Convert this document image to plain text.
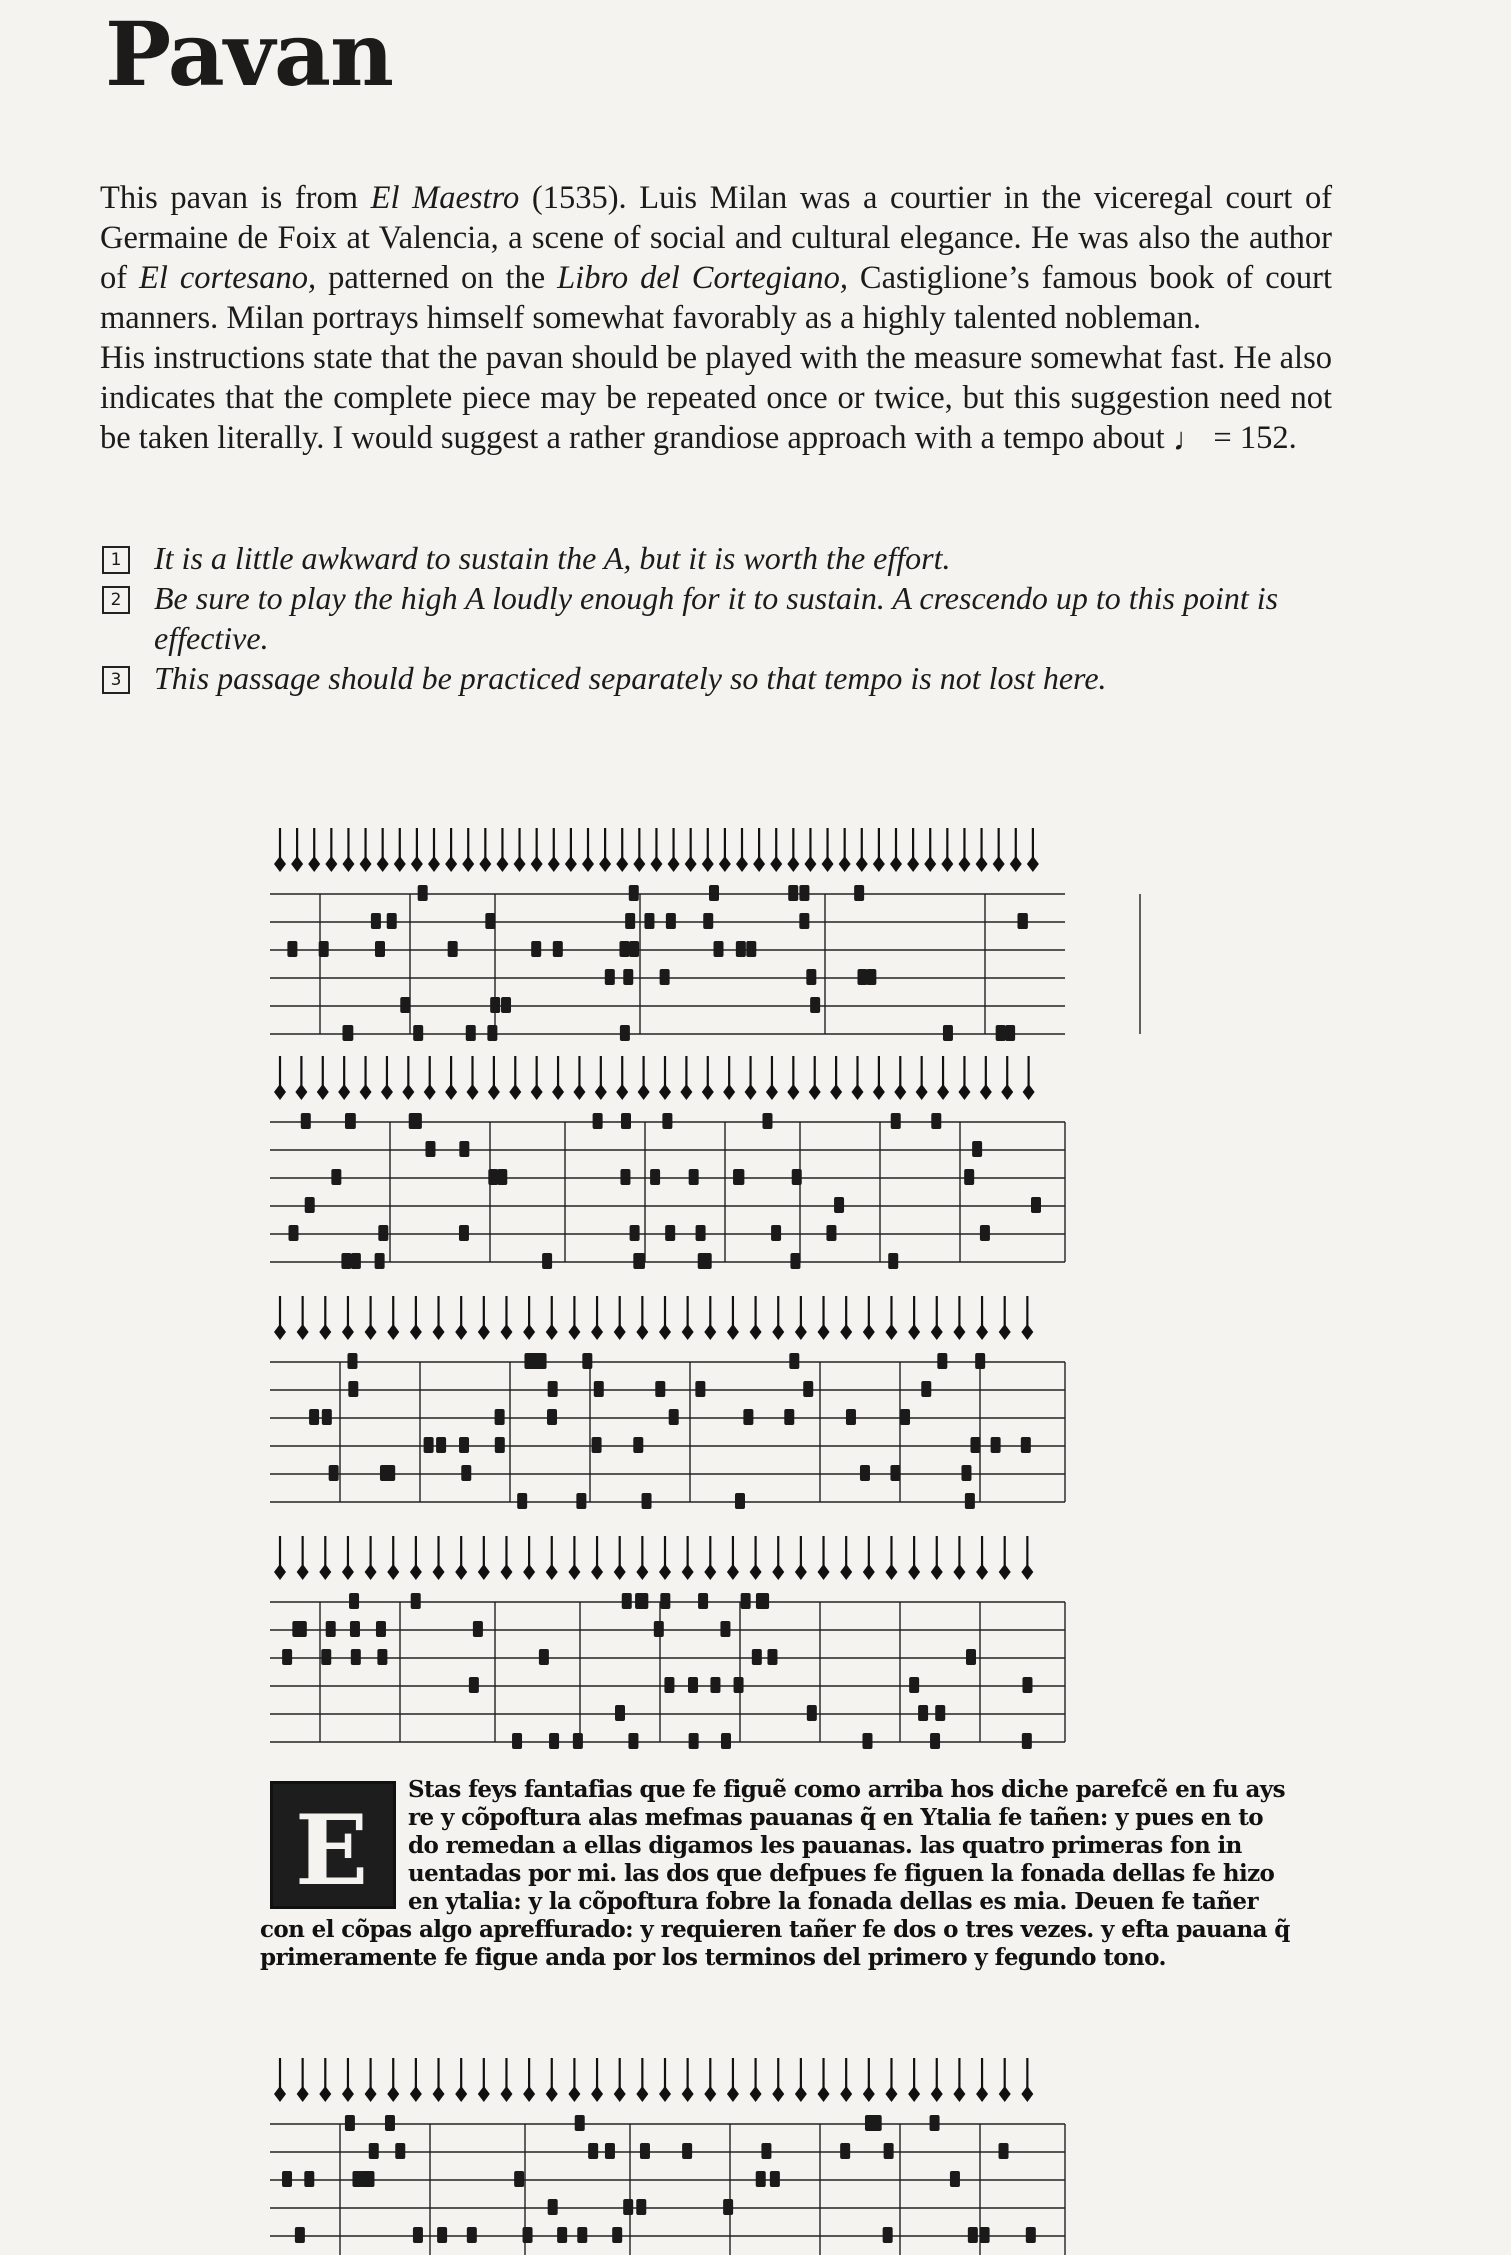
Pavan

This pavan is from El Maestro (1535). Luis Milan was a courtier in the viceregal court of Germaine de Foix at Valencia, a scene of social and cultural elegance. He was also the author of El cortesano, patterned on the Libro del Cortegiano, Castiglione’s famous book of court manners. Milan portrays himself somewhat favorably as a highly talented nobleman.

His instructions state that the pavan should be played with the measure somewhat fast. He also indicates that the complete piece may be repeated once or twice, but this suggestion need not be taken literally. I would suggest a rather grandiose approach with a tempo about ♩ = 152.

1 It is a little awkward to sustain the A, but it is worth the effort.
2 Be sure to play the high A loudly enough for it to sustain. A crescendo up to this point is effective.
3 This passage should be practiced separately so that tempo is not lost here.
E
Stas feys fantafias que fe figuẽ como arriba hos diche parefcẽ en fu ays
re y cõpoftura alas mefmas pauanas q̃ en Ytalia fe tañen: y pues en to
do remedan a ellas digamos les pauanas. las quatro primeras fon in
uentadas por mi. las dos que defpues fe figuen la fonada dellas fe hizo
en ytalia: y la cõpoftura fobre la fonada dellas es mia. Deuen fe tañer
con el cõpas algo apreffurado: y requieren tañer fe dos o tres vezes. y efta pauana q̃
primeramente fe figue anda por los terminos del primero y fegundo tono.
